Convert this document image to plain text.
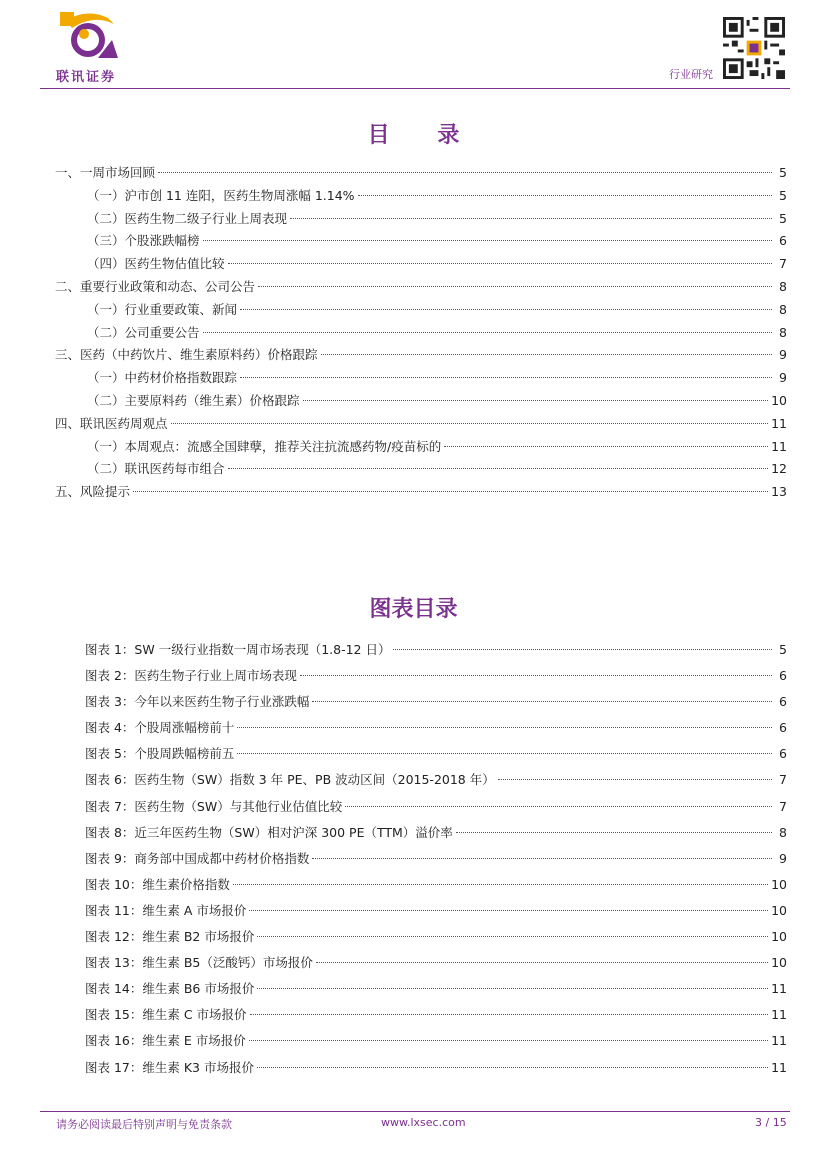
联讯证券	行业研究
目 录
一、一周市场回顾	5
（一）沪市创 11 连阳，医药生物周涨幅 1.14%	5
（二）医药生物二级子行业上周表现	5
（三）个股涨跌幅榜	6
（四）医药生物估值比较	7
二、重要行业政策和动态、公司公告	8
（一）行业重要政策、新闻	8
（二）公司重要公告	8
三、医药（中药饮片、维生素原料药）价格跟踪	9
（一）中药材价格指数跟踪	9
（二）主要原料药（维生素）价格跟踪	10
四、联讯医药周观点	11
（一）本周观点：流感全国肆孽，推荐关注抗流感药物/疫苗标的	11
（二）联讯医药每市组合	12
五、风险提示	13
图表目录
图表 1：SW 一级行业指数一周市场表现（1.8-12 日）	5
图表 2：医药生物子行业上周市场表现	6
图表 3：今年以来医药生物子行业涨跌幅	6
图表 4：个股周涨幅榜前十	6
图表 5：个股周跌幅榜前五	6
图表 6：医药生物（SW）指数 3 年 PE、PB 波动区间（2015-2018 年）	7
图表 7：医药生物（SW）与其他行业估值比较	7
图表 8：近三年医药生物（SW）相对沪深 300 PE（TTM）溢价率	8
图表 9：商务部中国成都中药材价格指数	9
图表 10：维生素价格指数	10
图表 11：维生素 A 市场报价	10
图表 12：维生素 B2 市场报价	10
图表 13：维生素 B5（泛酸钙）市场报价	10
图表 14：维生素 B6 市场报价	11
图表 15：维生素 C 市场报价	11
图表 16：维生素 E 市场报价	11
图表 17：维生素 K3 市场报价	11
请务必阅读最后特别声明与免责条款	www.lxsec.com	3 / 15
